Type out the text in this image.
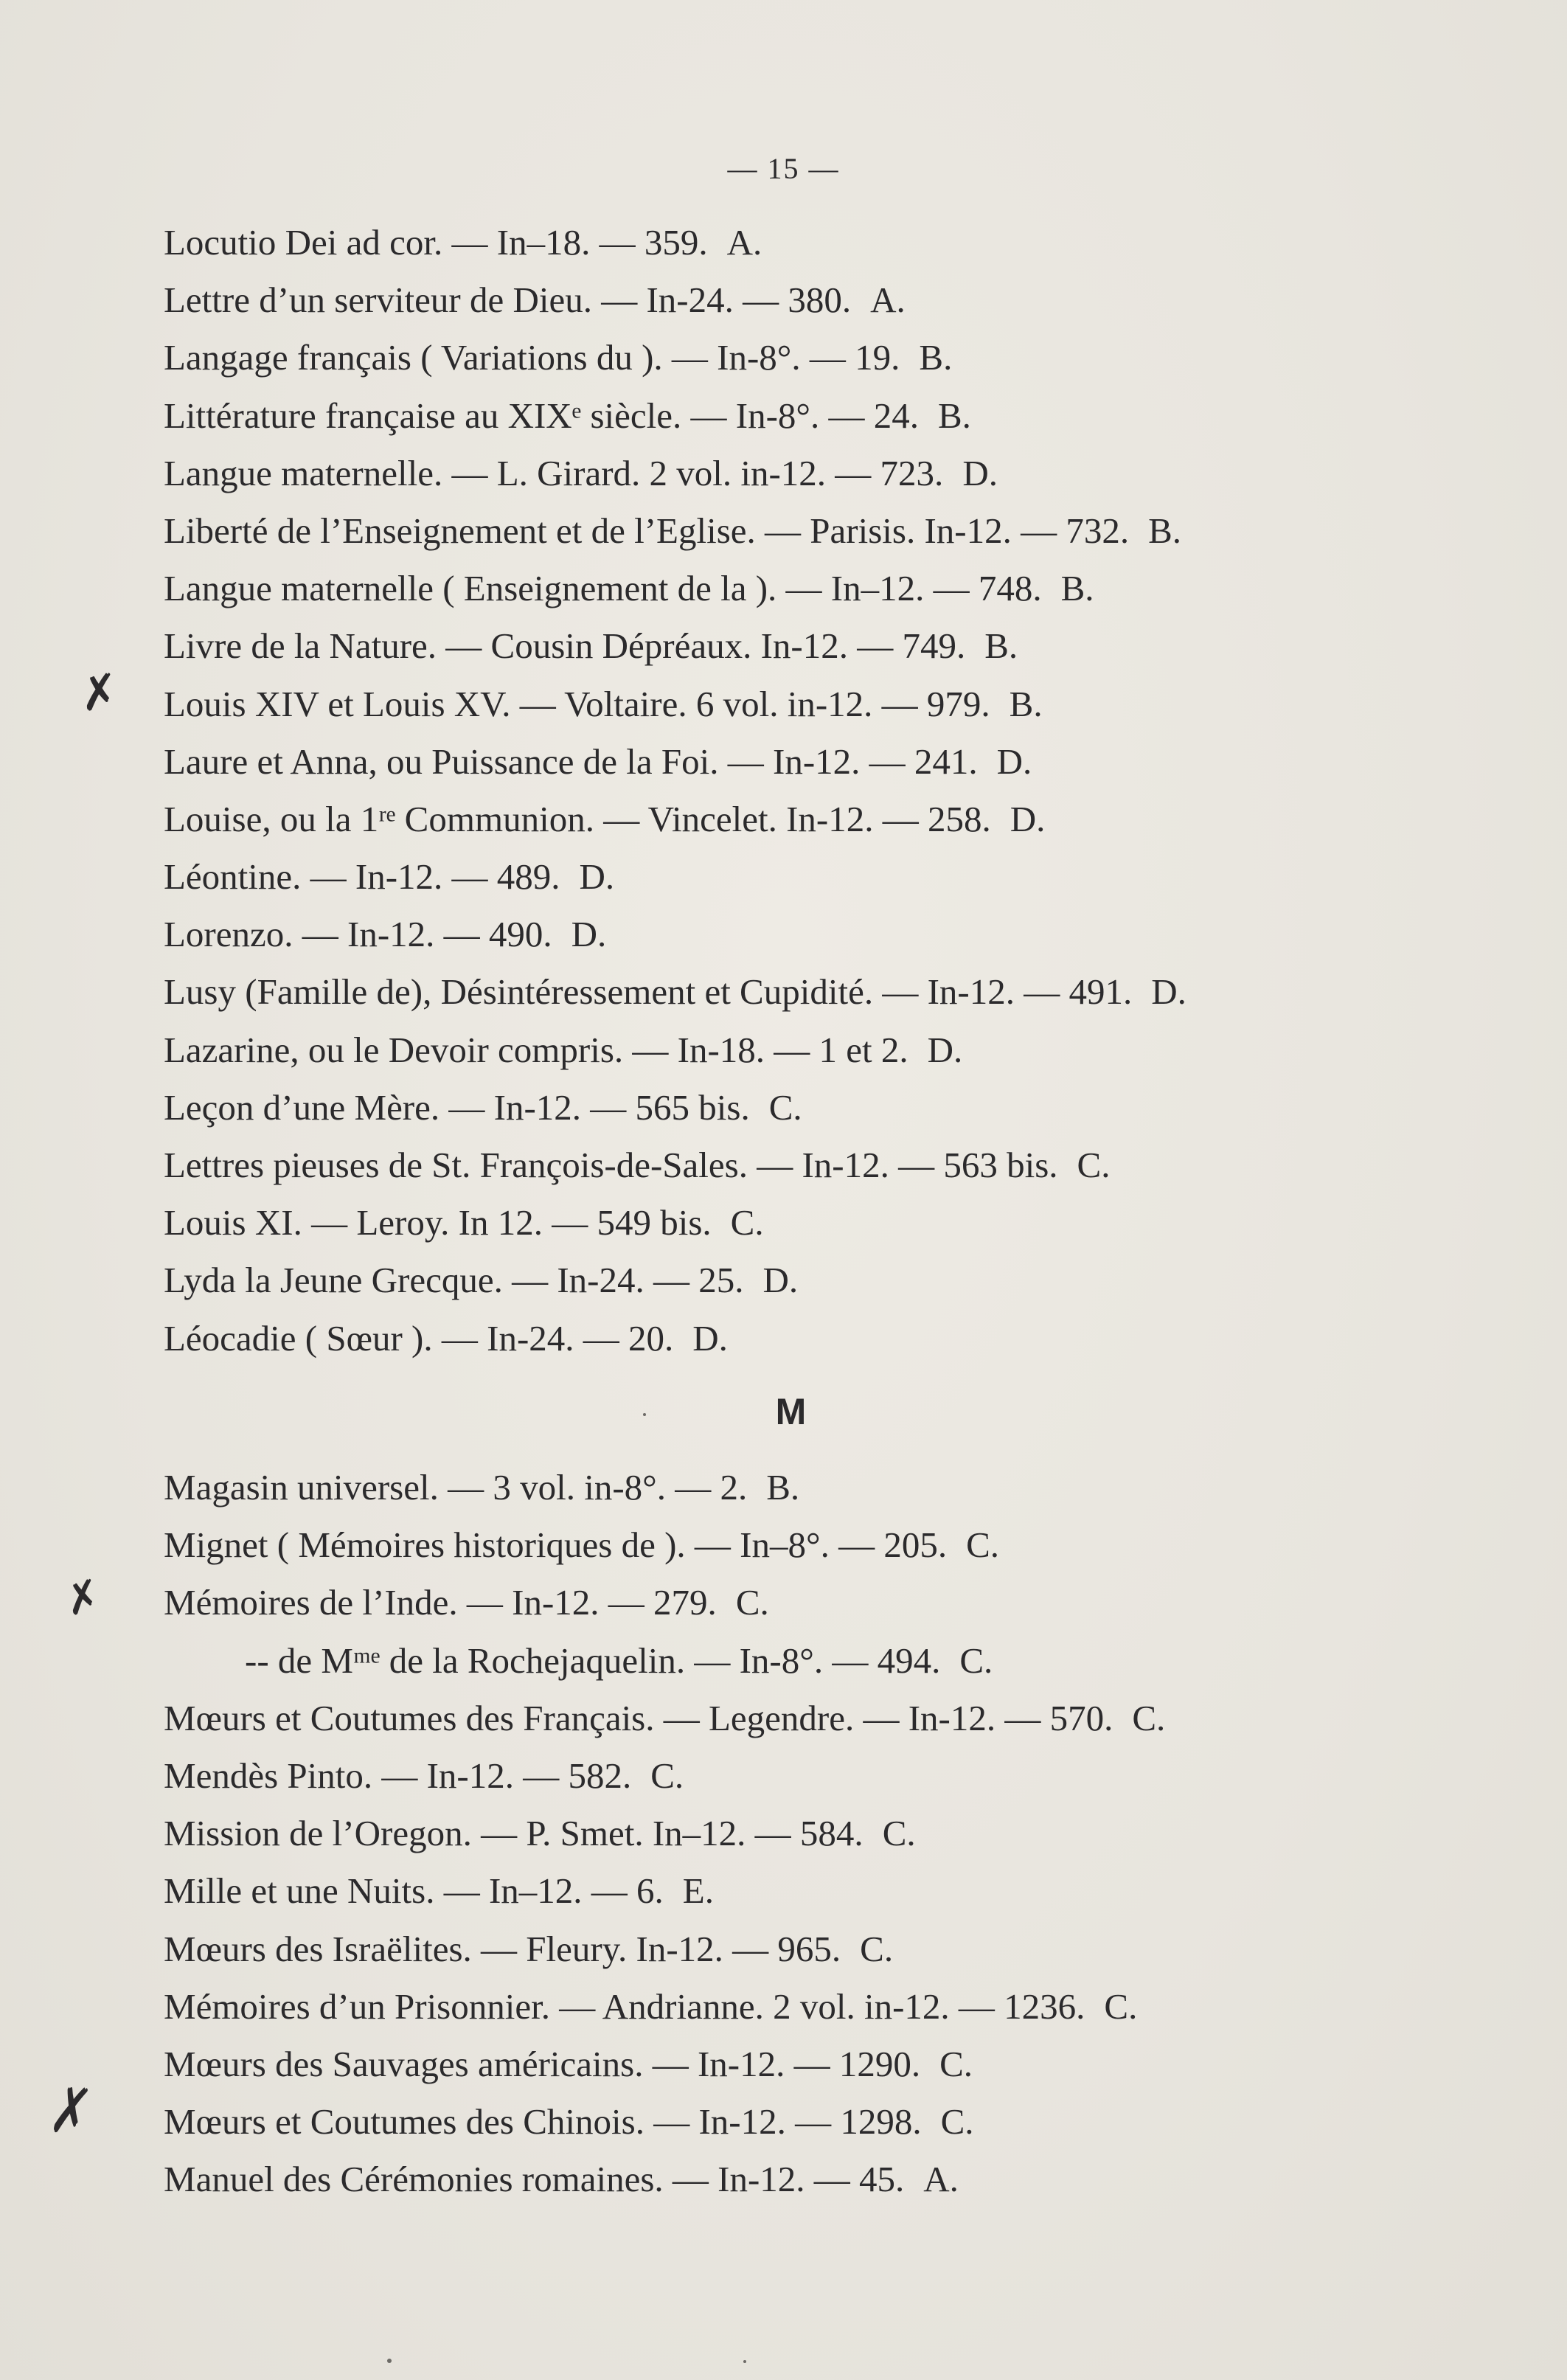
— 15 —
Locutio Dei ad cor. — In–18. — 359. A.
Lettre d’un serviteur de Dieu. — In-24. — 380. A.
Langage français ( Variations du ). — In-8°. — 19. B.
Littérature française au XIXᵉ siècle. — In-8°. — 24. B.
Langue maternelle. — L. Girard. 2 vol. in-12. — 723. D.
Liberté de l’Enseignement et de l’Eglise. — Parisis. In-12. — 732. B.
Langue maternelle ( Enseignement de la ). — In–12. — 748. B.
Livre de la Nature. — Cousin Dépréaux. In-12. — 749. B.
Louis XIV et Louis XV. — Voltaire. 6 vol. in-12. — 979. B.
Laure et Anna, ou Puissance de la Foi. — In-12. — 241. D.
Louise, ou la 1ʳᵉ Communion. — Vincelet. In-12. — 258. D.
Léontine. — In-12. — 489. D.
Lorenzo. — In-12. — 490. D.
Lusy (Famille de), Désintéressement et Cupidité. — In-12. — 491. D.
Lazarine, ou le Devoir compris. — In-18. — 1 et 2. D.
Leçon d’une Mère. — In-12. — 565 bis. C.
Lettres pieuses de St. François-de-Sales. — In-12. — 563 bis. C.
Louis XI. — Leroy. In 12. — 549 bis. C.
Lyda la Jeune Grecque. — In-24. — 25. D.
Léocadie ( Sœur ). — In-24. — 20. D.
M
Magasin universel. — 3 vol. in-8°. — 2. B.
Mignet ( Mémoires historiques de ). — In–8°. — 205. C.
Mémoires de l’Inde. — In-12. — 279. C.
-- de Mᵐᵉ de la Rochejaquelin. — In-8°. — 494. C.
Mœurs et Coutumes des Français. — Legendre. — In-12. — 570. C.
Mendès Pinto. — In-12. — 582. C.
Mission de l’Oregon. — P. Smet. In–12. — 584. C.
Mille et une Nuits. — In–12. — 6. E.
Mœurs des Israëlites. — Fleury. In-12. — 965. C.
Mémoires d’un Prisonnier. — Andrianne. 2 vol. in-12. — 1236. C.
Mœurs des Sauvages américains. — In-12. — 1290. C.
Mœurs et Coutumes des Chinois. — In-12. — 1298. C.
Manuel des Cérémonies romaines. — In-12. — 45. A.
✗
✗
✗
